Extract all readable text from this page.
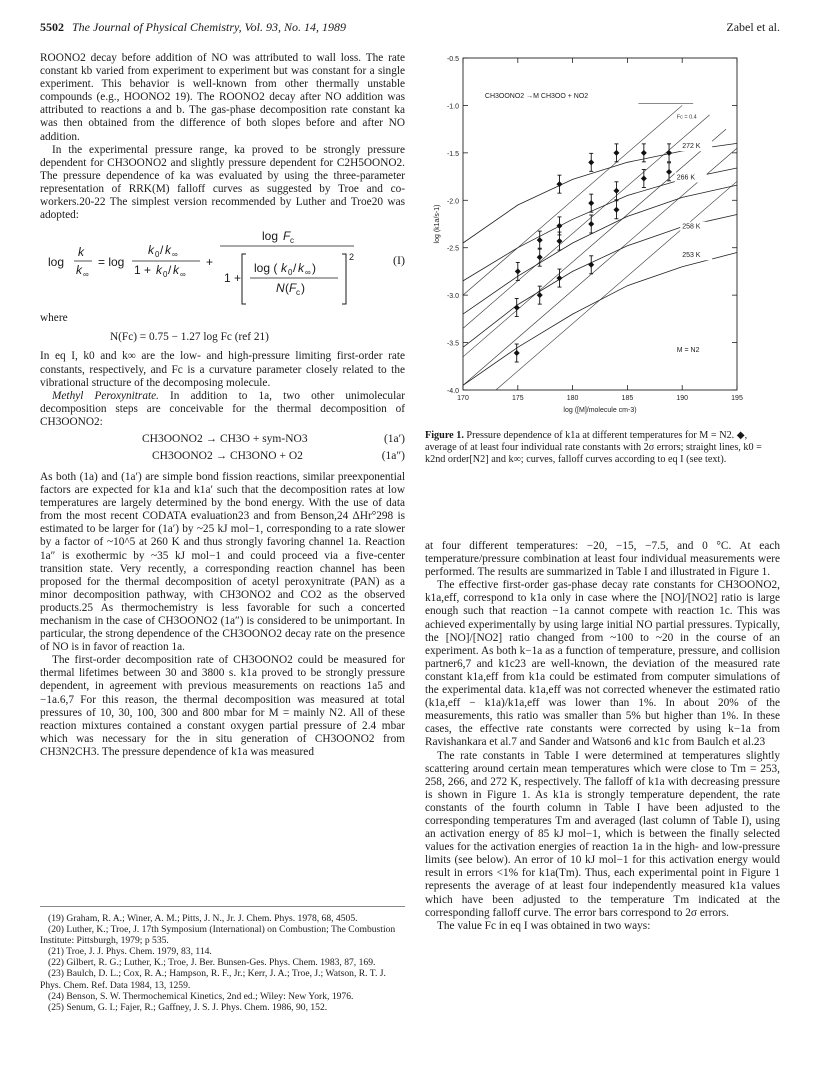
5502 The Journal of Physical Chemistry, Vol. 93, No. 14, 1989	Zabel et al.

ROONO2 decay before addition of NO was attributed to wall loss. The rate constant kb varied from experiment to experiment but was constant for a single experiment. This behavior is well-known from other thermally unstable compounds (e.g., HOONO2 19). The ROONO2 decay after NO addition was attributed to reactions a and b. The gas-phase decomposition rate constant ka was then obtained from the difference of both slopes before and after NO addition.

In the experimental pressure range, ka proved to be strongly pressure dependent for CH3OONO2 and slightly pressure dependent for C2H5OONO2. The pressure dependence of ka was evaluated by using the three-parameter representation of RRK(M) falloff curves as suggested by Troe and co-workers.20-22 The simplest version recommended by Luther and Troe20 was adopted:

log
k
k ∞
= log
k 0 / k ∞
1 + k 0 / k ∞
+
log F c
1 +
2
log ( k 0 / k ∞ )
N ( F c )
(I)

where

N(Fc) = 0.75 − 1.27 log Fc (ref 21)

In eq I, k0 and k∞ are the low- and high-pressure limiting first-order rate constants, respectively, and Fc is a curvature parameter closely related to the vibrational structure of the decomposing molecule.

Methyl Peroxynitrate. In addition to 1a, two other unimolecular decomposition steps are conceivable for the thermal decomposition of CH3OONO2:

CH3OONO2 → CH3O + sym-NO3	(1a′)
CH3OONO2 → CH3ONO + O2	(1a″)

As both (1a) and (1a′) are simple bond fission reactions, similar preexponential factors are expected for k1a and k1a′ such that the decomposition rates at low temperatures are largely determined by the bond energy. With the use of data from the most recent CODATA evaluation23 and from Benson,24 ΔHr°298 is estimated to be larger for (1a′) by ~25 kJ mol−1, corresponding to a rate slower by a factor of ~10^5 at 260 K and thus strongly favoring channel 1a. Reaction 1a″ is exothermic by ~35 kJ mol−1 and could proceed via a five-center transition state. Very recently, a corresponding reaction channel has been proposed for the thermal decomposition of acetyl peroxynitrate (PAN) as a minor decomposition pathway, with CH3ONO2 and CO2 as the observed products.25 As thermochemistry is less favorable for such a concerted mechanism in the case of CH3OONO2 (1a″) is considered to be unimportant. In particular, the strong dependence of the CH3OONO2 decay rate on the presence of NO is in favor of reaction 1a.

The first-order decomposition rate of CH3OONO2 could be measured for thermal lifetimes between 30 and 3800 s. k1a proved to be strongly pressure dependent, in agreement with previous measurements on reactions 1a5 and −1a.6,7 For this reason, the thermal decomposition was measured at total pressures of 10, 30, 100, 300 and 800 mbar for M = mainly N2. All of these reaction mixtures contained a constant oxygen partial pressure of 2.4 mbar which was necessary for the in situ generation of CH3OONO2 from CH3N2CH3. The pressure dependence of k1a was measured

(19) Graham, R. A.; Winer, A. M.; Pitts, J. N., Jr. J. Chem. Phys. 1978, 68, 4505.
(20) Luther, K.; Troe, J. 17th Symposium (International) on Combustion; The Combustion Institute: Pittsburgh, 1979; p 535.
(21) Troe, J. J. Phys. Chem. 1979, 83, 114.
(22) Gilbert, R. G.; Luther, K.; Troe, J. Ber. Bunsen-Ges. Phys. Chem. 1983, 87, 169.
(23) Baulch, D. L.; Cox, R. A.; Hampson, R. F., Jr.; Kerr, J. A.; Troe, J.; Watson, R. T. J. Phys. Chem. Ref. Data 1984, 13, 1259.
(24) Benson, S. W. Thermochemical Kinetics, 2nd ed.; Wiley: New York, 1976.
(25) Senum, G. I.; Fajer, R.; Gaffney, J. S. J. Phys. Chem. 1986, 90, 152.
-0.5
-1.0
-1.5
-2.0
-2.5
-3.0
-3.5
-4.0
170	175	180	185	190	195
log (k1a/s-1)
log ([M]/molecule cm-3)
CH3OONO2 →M CH3OO + NO2
Fc = 0.4
M = N2
272 K
266 K
258 K
253 K
Figure 1. Pressure dependence of k1a at different temperatures for M = N2. ◆, average of at least four individual rate constants with 2σ errors; straight lines, k0 = k2nd order[N2] and k∞; curves, falloff curves according to eq I (see text).

at four different temperatures: −20, −15, −7.5, and 0 °C. At each temperature/pressure combination at least four individual measurements were performed. The results are summarized in Table I and illustrated in Figure 1.

The effective first-order gas-phase decay rate constants for CH3OONO2, k1a,eff, correspond to k1a only in case where the [NO]/[NO2] ratio is large enough such that reaction −1a cannot compete with reaction 1c. This was achieved experimentally by using large initial NO partial pressures. Typically, the [NO]/[NO2] ratio changed from ~100 to ~20 in the course of an experiment. As both k−1a as a function of temperature, pressure, and collision partner6,7 and k1c23 are well-known, the deviation of the measured rate constant k1a,eff from k1a could be estimated from computer simulations of the experimental data. k1a,eff was not corrected whenever the estimated ratio (k1a,eff − k1a)/k1a,eff was lower than 1%. In about 20% of the measurements, this ratio was smaller than 5% but higher than 1%. In these cases, the effective rate constants were corrected by using k−1a from Ravishankara et al.7 and Sander and Watson6 and k1c from Baulch et al.23

The rate constants in Table I were determined at temperatures slightly scattering around certain mean temperatures which were close to Tm = 253, 258, 266, and 272 K, respectively. The falloff of k1a with decreasing pressure is shown in Figure 1. As k1a is strongly temperature dependent, the rate constants of the fourth column in Table I have been adjusted to the corresponding temperatures Tm and averaged (last column of Table I), using an activation energy of 85 kJ mol−1, which is between the finally selected values for the activation energies of reaction 1a in the high- and low-pressure limits (see below). An error of 10 kJ mol−1 for this activation energy would result in errors <1% for k1a(Tm). Thus, each experimental point in Figure 1 represents the average of at least four independently measured k1a values which have been adjusted to the temperature Tm indicated at the corresponding falloff curve. The error bars correspond to 2σ errors.

The value Fc in eq I was obtained in two ways:
